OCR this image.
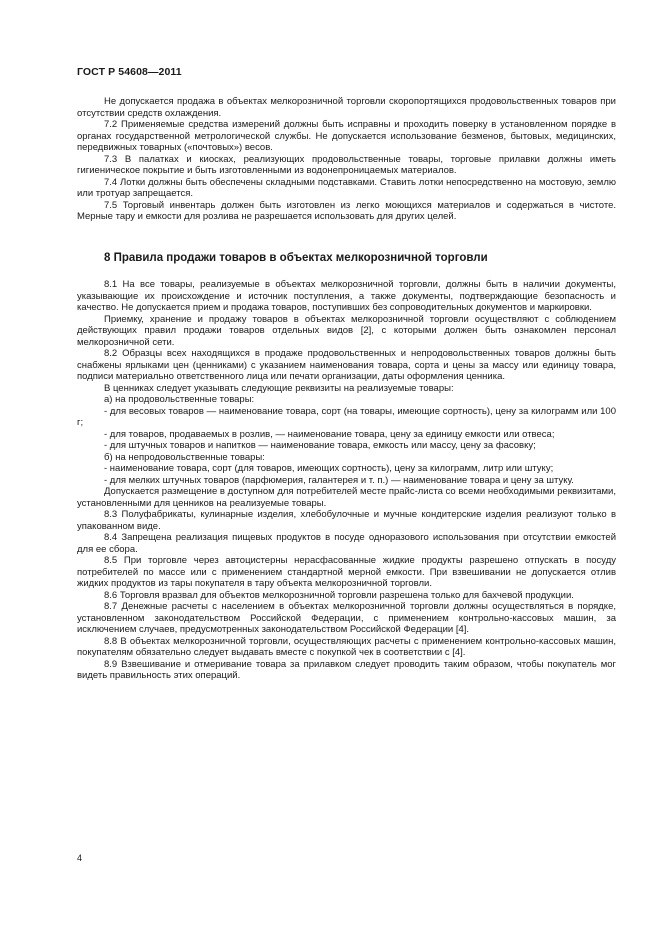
ГОСТ Р 54608—2011

Не допускается продажа в объектах мелкорозничной торговли скоропортящихся продовольственных товаров при отсутствии средств охлаждения.

7.2 Применяемые средства измерений должны быть исправны и проходить поверку в установленном порядке в органах государственной метрологической службы. Не допускается использование безменов, бытовых, медицинских, передвижных товарных («почтовых») весов.

7.3 В палатках и киосках, реализующих продовольственные товары, торговые прилавки должны иметь гигиеническое покрытие и быть изготовленными из водонепроницаемых материалов.

7.4 Лотки должны быть обеспечены складными подставками. Ставить лотки непосредственно на мостовую, землю или тротуар запрещается.

7.5 Торговый инвентарь должен быть изготовлен из легко моющихся материалов и содержаться в чистоте. Мерные тару и емкости для розлива не разрешается использовать для других целей.

8 Правила продажи товаров в объектах мелкорозничной торговли

8.1 На все товары, реализуемые в объектах мелкорозничной торговли, должны быть в наличии документы, указывающие их происхождение и источник поступления, а также документы, подтверждающие безопасность и качество. Не допускается прием и продажа товаров, поступивших без сопроводительных документов и маркировки.

Приемку, хранение и продажу товаров в объектах мелкорозничной торговли осуществляют с соблюдением действующих правил продажи товаров отдельных видов [2], с которыми должен быть ознакомлен персонал мелкорозничной сети.

8.2 Образцы всех находящихся в продаже продовольственных и непродовольственных товаров должны быть снабжены ярлыками цен (ценниками) с указанием наименования товара, сорта и цены за массу или единицу товара, подписи материально ответственного лица или печати организации, даты оформления ценника.

В ценниках следует указывать следующие реквизиты на реализуемые товары:

а) на продовольственные товары:

- для весовых товаров — наименование товара, сорт (на товары, имеющие сортность), цену за килограмм или 100 г;

- для товаров, продаваемых в розлив, — наименование товара, цену за единицу емкости или отвеса;

- для штучных товаров и напитков — наименование товара, емкость или массу, цену за фасовку;

б) на непродовольственные товары:

- наименование товара, сорт (для товаров, имеющих сортность), цену за килограмм, литр или штуку;

- для мелких штучных товаров (парфюмерия, галантерея и т. п.) — наименование товара и цену за штуку.

Допускается размещение в доступном для потребителей месте прайс-листа со всеми необходимыми реквизитами, установленными для ценников на реализуемые товары.

8.3 Полуфабрикаты, кулинарные изделия, хлебобулочные и мучные кондитерские изделия реализуют только в упакованном виде.

8.4 Запрещена реализация пищевых продуктов в посуде одноразового использования при отсутствии емкостей для ее сбора.

8.5 При торговле через автоцистерны нерасфасованные жидкие продукты разрешено отпускать в посуду потребителей по массе или с применением стандартной мерной емкости. При взвешивании не допускается отлив жидких продуктов из тары покупателя в тару объекта мелкорозничной торговли.

8.6 Торговля вразвал для объектов мелкорозничной торговли разрешена только для бахчевой продукции.

8.7 Денежные расчеты с населением в объектах мелкорозничной торговли должны осуществляться в порядке, установленном законодательством Российской Федерации, с применением контрольно-кассовых машин, за исключением случаев, предусмотренных законодательством Российской Федерации [4].

8.8 В объектах мелкорозничной торговли, осуществляющих расчеты с применением контрольно-кассовых машин, покупателям обязательно следует выдавать вместе с покупкой чек в соответствии с [4].

8.9 Взвешивание и отмеривание товара за прилавком следует проводить таким образом, чтобы покупатель мог видеть правильность этих операций.

4
